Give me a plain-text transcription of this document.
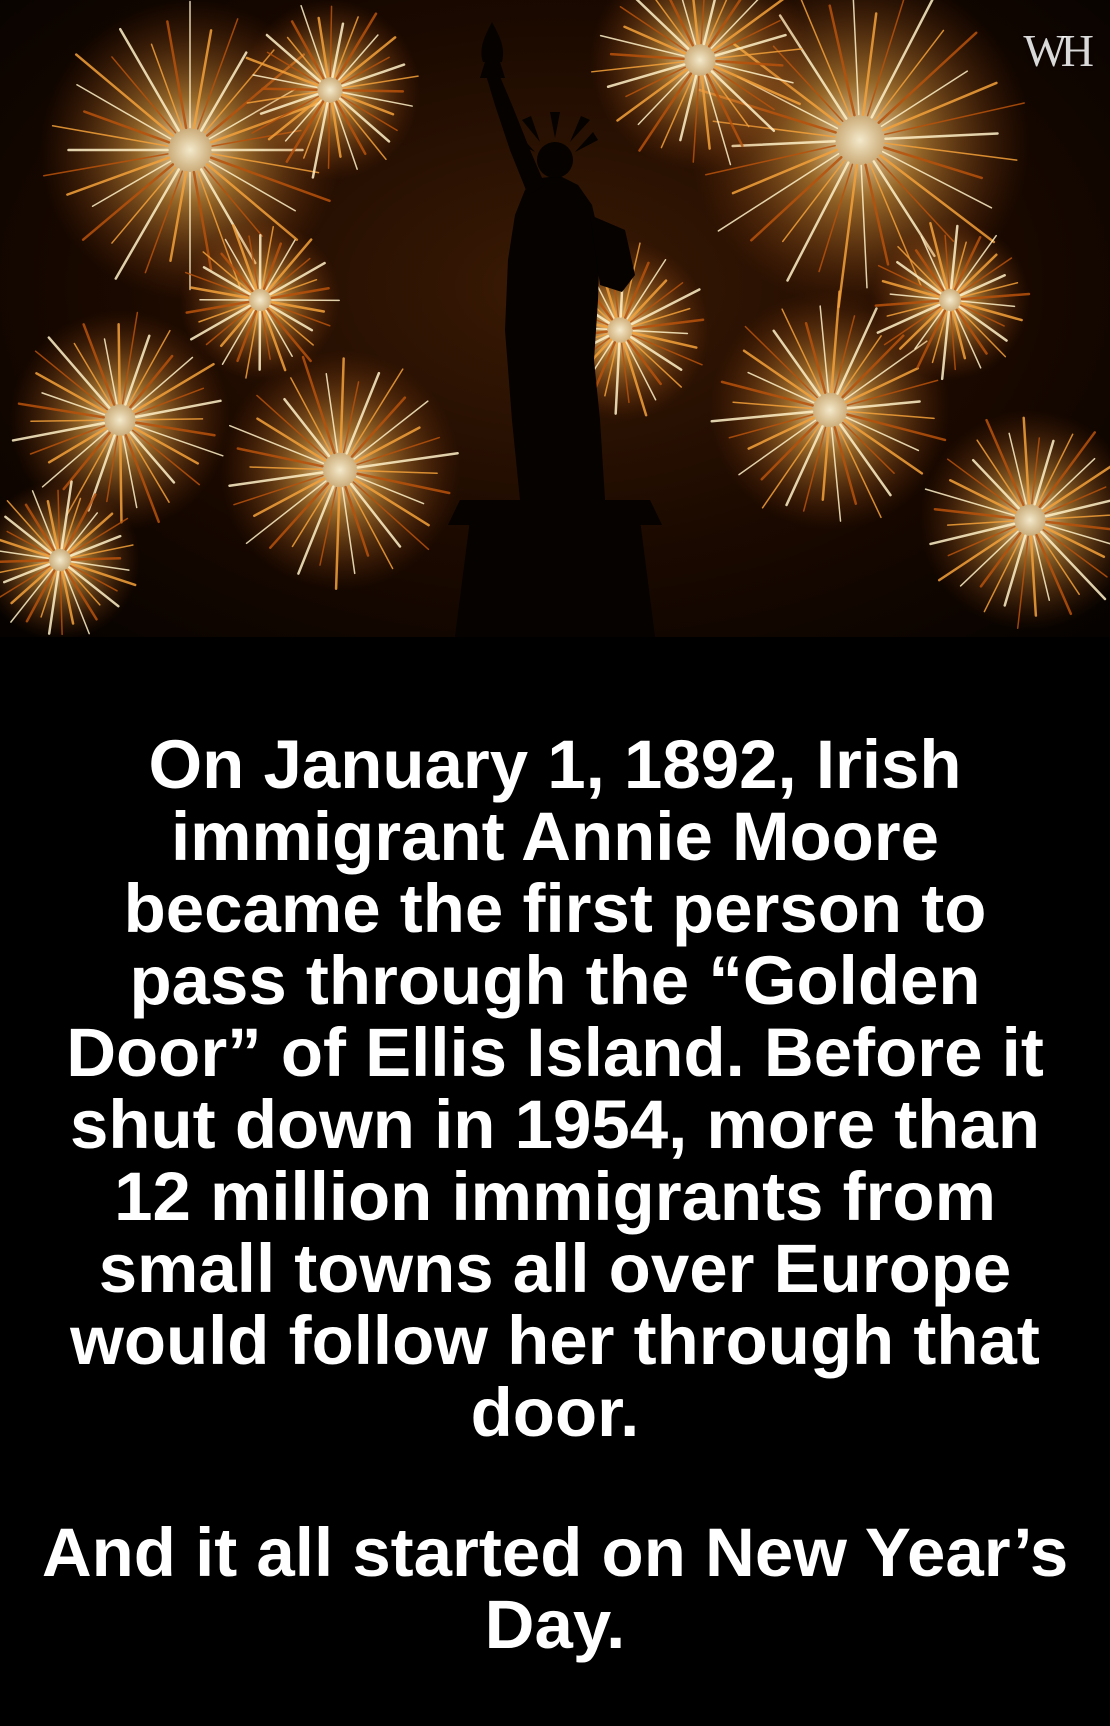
WH

On January 1, 1892, Irish immigrant Annie Moore became the first person to pass through the “Golden Door” of Ellis Island. Before it shut down in 1954, more than 12 million immigrants from small towns all over Europe would follow her through that door.

And it all started on New Year’s Day.
